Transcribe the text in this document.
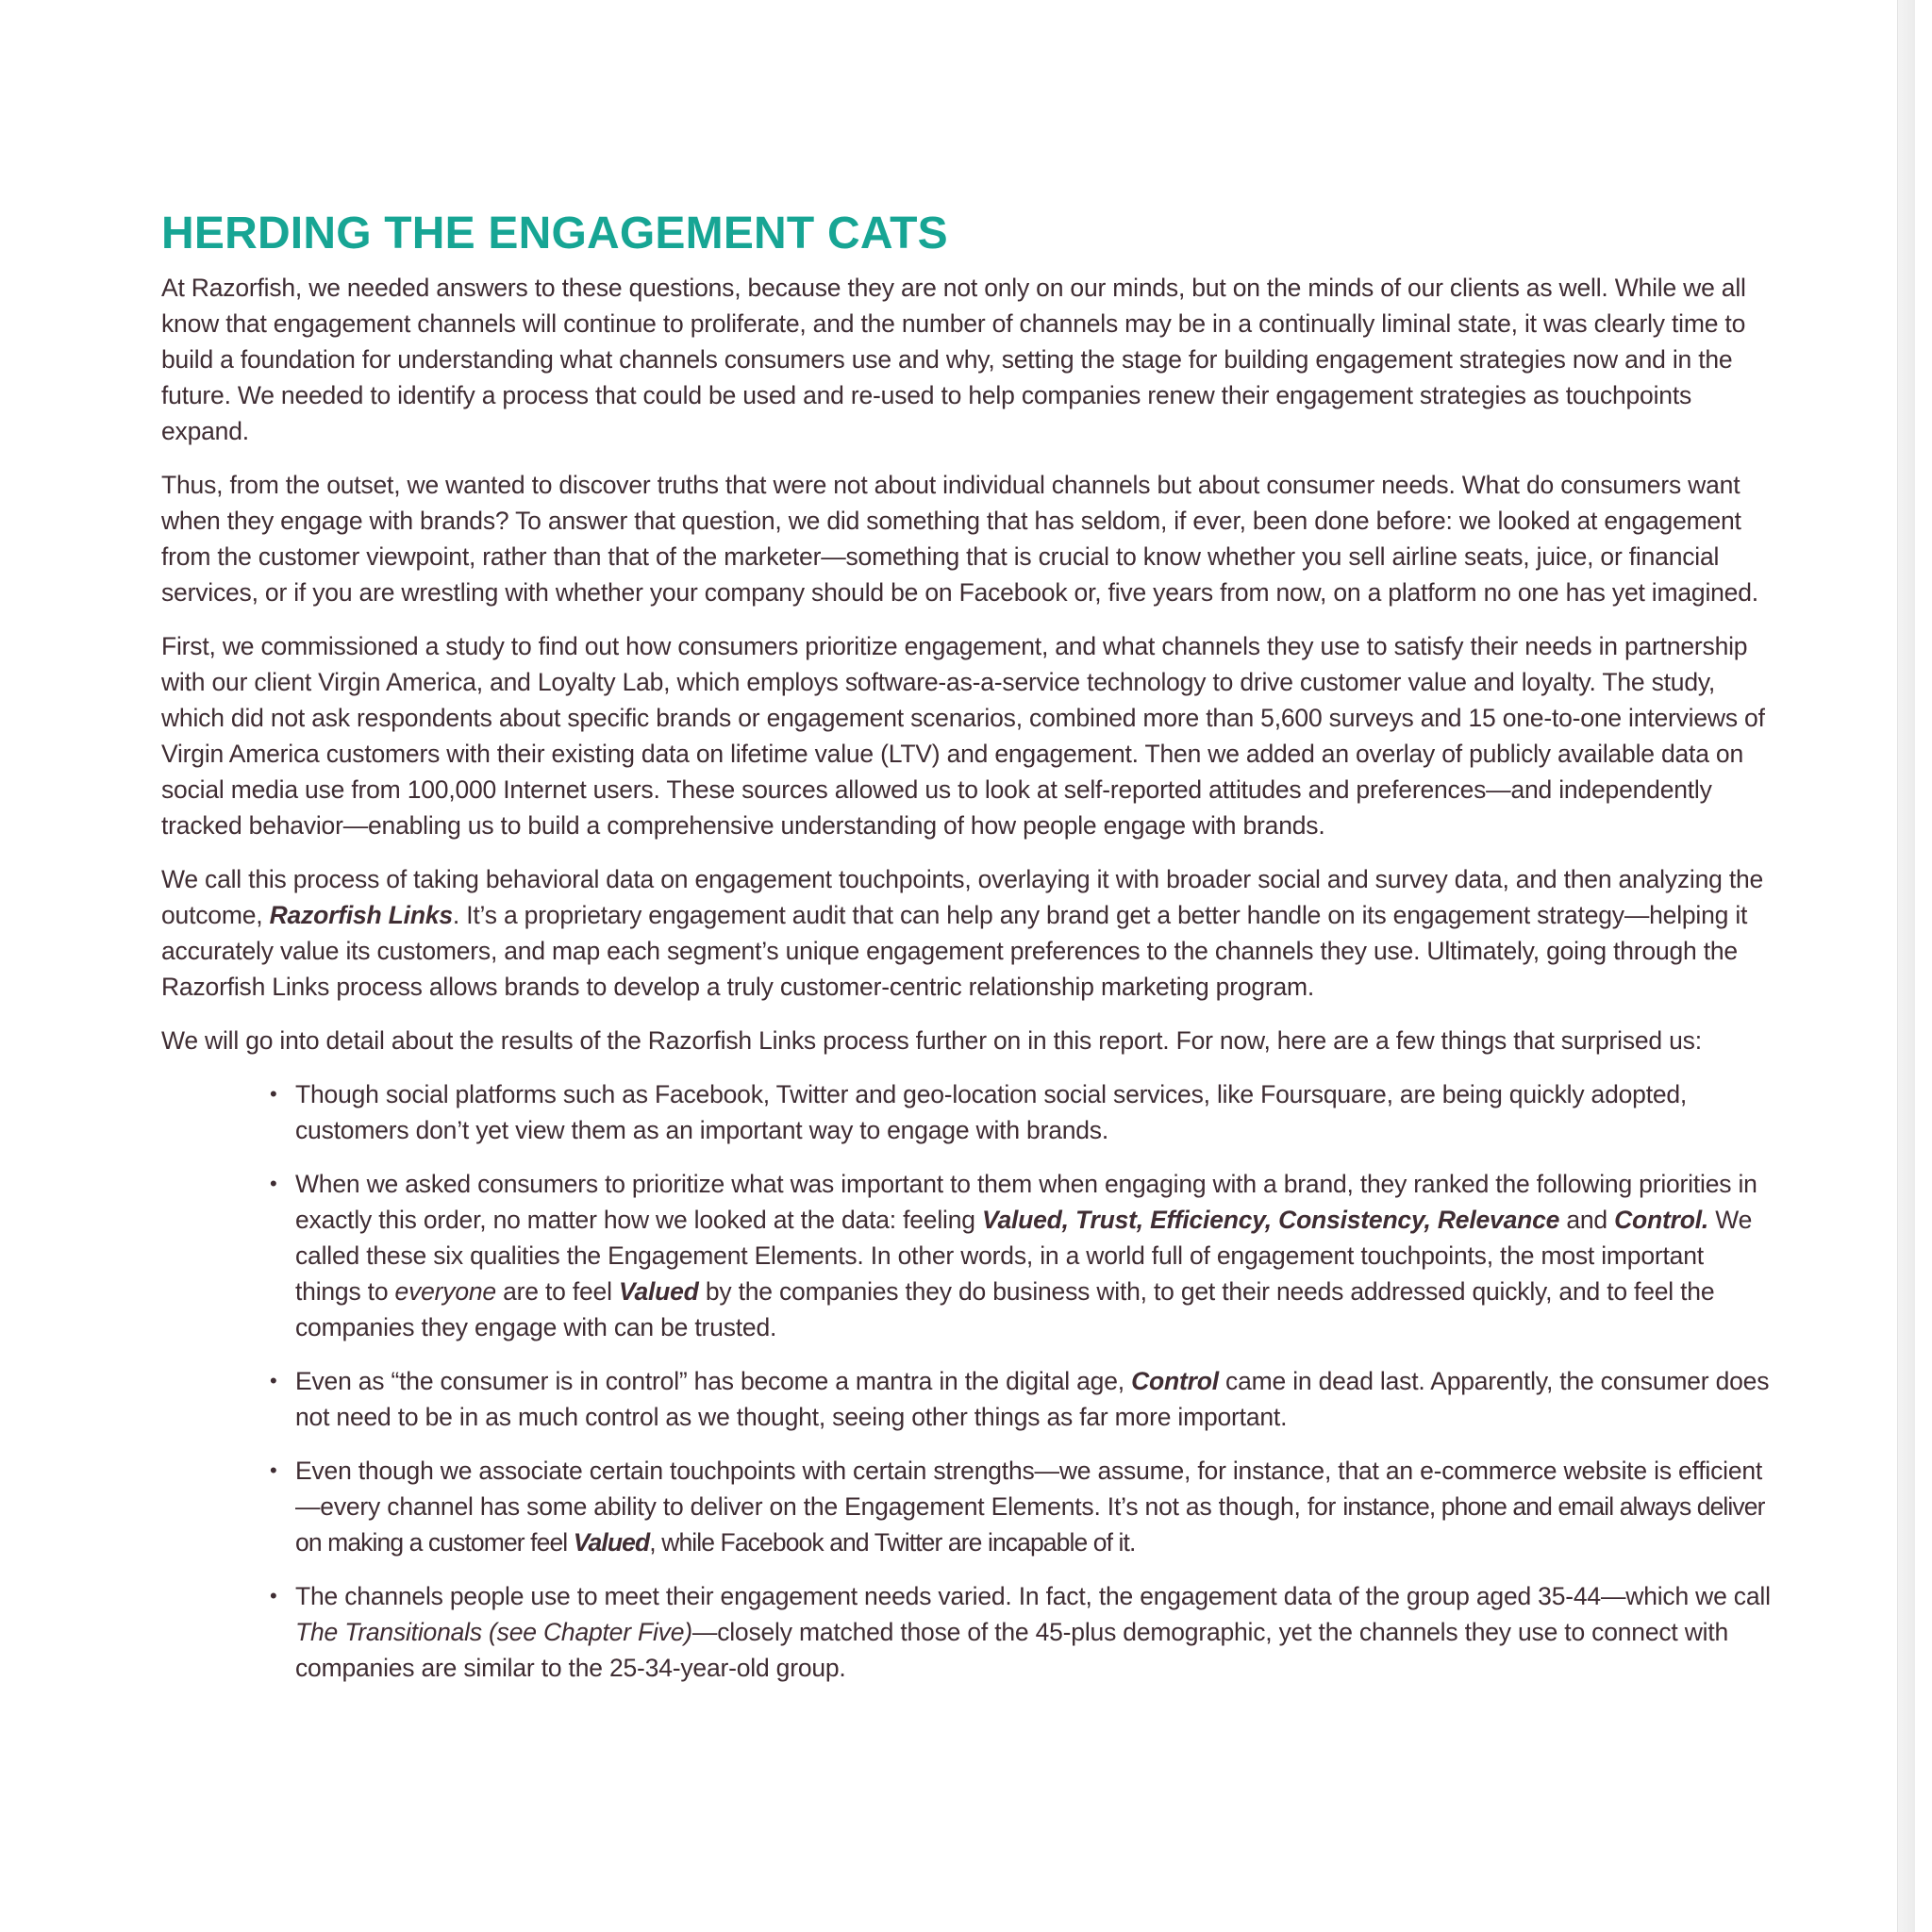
HERDING THE ENGAGEMENT CATS

At Razorfish, we needed answers to these questions, because they are not only on our minds, but on the minds of our clients as well. While we all know that engagement channels will continue to proliferate, and the number of channels may be in a continually liminal state, it was clearly time to build a foundation for understanding what channels consumers use and why, setting the stage for building engagement strategies now and in the future. We needed to identify a process that could be used and re-used to help companies renew their engagement strategies as touchpoints expand.

Thus, from the outset, we wanted to discover truths that were not about individual channels but about consumer needs. What do consumers want when they engage with brands? To answer that question, we did something that has seldom, if ever, been done before: we looked at engagement from the customer viewpoint, rather than that of the marketer—something that is crucial to know whether you sell airline seats, juice, or financial services, or if you are wrestling with whether your company should be on Facebook or, five years from now, on a platform no one has yet imagined.

First, we commissioned a study to find out how consumers prioritize engagement, and what channels they use to satisfy their needs in partnership with our client Virgin America, and Loyalty Lab, which employs software-as-a-service technology to drive customer value and loyalty. The study, which did not ask respondents about specific brands or engagement scenarios, combined more than 5,600 surveys and 15 one-to-one interviews of Virgin America customers with their existing data on lifetime value (LTV) and engagement. Then we added an overlay of publicly available data on social media use from 100,000 Internet users. These sources allowed us to look at self-reported attitudes and preferences—and independently tracked behavior—enabling us to build a comprehensive understanding of how people engage with brands.

We call this process of taking behavioral data on engagement touchpoints, overlaying it with broader social and survey data, and then analyzing the outcome, Razorfish Links. It’s a proprietary engagement audit that can help any brand get a better handle on its engagement strategy—helping it accurately value its customers, and map each segment’s unique engagement preferences to the channels they use. Ultimately, going through the Razorfish Links process allows brands to develop a truly customer-centric relationship marketing program.

We will go into detail about the results of the Razorfish Links process further on in this report. For now, here are a few things that surprised us:

• Though social platforms such as Facebook, Twitter and geo-location social services, like Foursquare, are being quickly adopted, customers don’t yet view them as an important way to engage with brands.
• When we asked consumers to prioritize what was important to them when engaging with a brand, they ranked the following priorities in exactly this order, no matter how we looked at the data: feeling Valued, Trust, Efficiency, Consistency, Relevance and Control. We called these six qualities the Engagement Elements. In other words, in a world full of engagement touchpoints, the most important things to everyone are to feel Valued by the companies they do business with, to get their needs addressed quickly, and to feel the companies they engage with can be trusted.
• Even as “the consumer is in control” has become a mantra in the digital age, Control came in dead last. Apparently, the consumer does not need to be in as much control as we thought, seeing other things as far more important.
• Even though we associate certain touchpoints with certain strengths—we assume, for instance, that an e-commerce website is efficient—every channel has some ability to deliver on the Engagement Elements. It’s not as though, for instance, phone and email always deliver on making a customer feel Valued, while Facebook and Twitter are incapable of it.
• The channels people use to meet their engagement needs varied. In fact, the engagement data of the group aged 35-44—which we call The Transitionals (see Chapter Five)—closely matched those of the 45-plus demographic, yet the channels they use to connect with companies are similar to the 25-34-year-old group.
